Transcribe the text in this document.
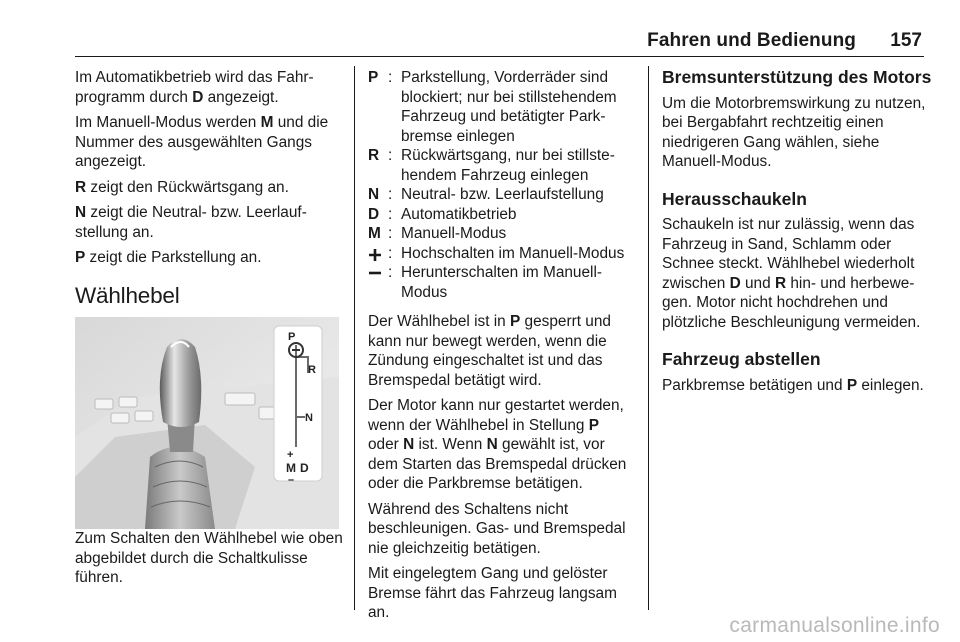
Fahren und Bedienung 157

Im Automatikbetrieb wird das Fahrprogramm durch D angezeigt.

Im Manuell-Modus werden M und die Nummer des ausgewählten Gangs angezeigt.

R zeigt den Rückwärtsgang an.

N zeigt die Neutral- bzw. Leerlaufstellung an.

P zeigt die Parkstellung an.

Wählhebel
P
R
N
+
M D
–

Zum Schalten den Wählhebel wie oben abgebildet durch die Schaltkulisse führen.

P : Parkstellung, Vorderräder sind blockiert; nur bei stillstehendem Fahrzeug und betätigter Parkbremse einlegen
R : Rückwärtsgang, nur bei stillstehendem Fahrzeug einlegen
N : Neutral- bzw. Leerlaufstellung
D : Automatikbetrieb
M : Manuell-Modus
: Hochschalten im Manuell-Modus
: Herunterschalten im Manuell-Modus

Der Wählhebel ist in P gesperrt und kann nur bewegt werden, wenn die Zündung eingeschaltet ist und das Bremspedal betätigt wird.

Der Motor kann nur gestartet werden, wenn der Wählhebel in Stellung P oder N ist. Wenn N gewählt ist, vor dem Starten das Bremspedal drücken oder die Parkbremse betätigen.

Während des Schaltens nicht beschleunigen. Gas- und Bremspedal nie gleichzeitig betätigen.

Mit eingelegtem Gang und gelöster Bremse fährt das Fahrzeug langsam an.

Bremsunterstützung des Motors

Um die Motorbremswirkung zu nutzen, bei Bergabfahrt rechtzeitig einen niedrigeren Gang wählen, siehe Manuell-Modus.

Herausschaukeln

Schaukeln ist nur zulässig, wenn das Fahrzeug in Sand, Schlamm oder Schnee steckt. Wählhebel wiederholt zwischen D und R hin- und herbewegen. Motor nicht hochdrehen und plötzliche Beschleunigung vermeiden.

Fahrzeug abstellen

Parkbremse betätigen und P einlegen.

carmanualsonline.info
